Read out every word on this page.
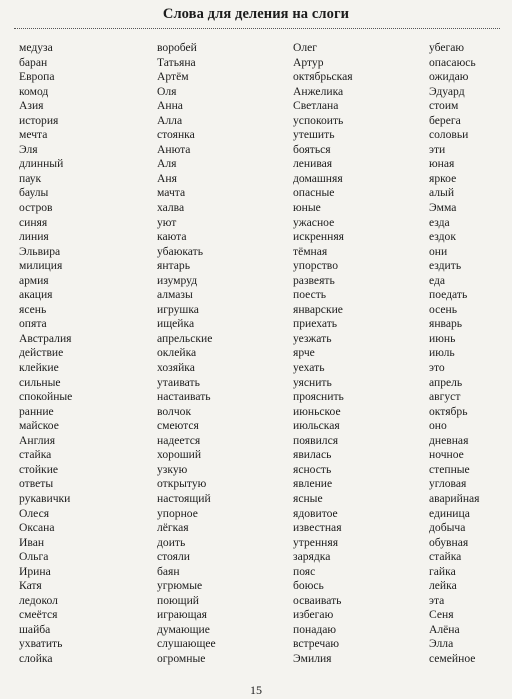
Слова для деления на слоги
медуза
баран
Европа
комод
Азия
история
мечта
Эля
длинный
паук
баулы
остров
синяя
линия
Эльвира
милиция
армия
акация
ясень
опята
Австралия
действие
клейкие
сильные
спокойные
ранние
майское
Англия
стайка
стойкие
ответы
рукавички
Олеся
Оксана
Иван
Ольга
Ирина
Катя
ледокол
смеётся
шайба
ухватить
слойка
воробей
Татьяна
Артём
Оля
Анна
Алла
стоянка
Анюта
Аля
Аня
мачта
халва
уют
каюта
убаюкать
янтарь
изумруд
алмазы
игрушка
ищейка
апрельские
оклейка
хозяйка
утаивать
настаивать
волчок
смеются
надеется
хороший
узкую
открытую
настоящий
упорное
лёгкая
доить
стояли
баян
угрюмые
поющий
играющая
думающие
слушающее
огромные
Олег
Артур
октябрьская
Анжелика
Светлана
успокоить
утешить
бояться
ленивая
домашняя
опасные
юные
ужасное
искренняя
тёмная
упорство
развеять
поесть
январские
приехать
уезжать
ярче
уехать
уяснить
прояснить
июньское
июльская
появился
явилась
ясность
явление
ясные
ядовитое
известная
утренняя
зарядка
пояс
боюсь
осваивать
избегаю
понадаю
встречаю
Эмилия
убегаю
опасаюсь
ожидаю
Эдуард
стоим
берега
соловьи
эти
юная
яркое
алый
Эмма
езда
ездок
они
ездить
еда
поедать
осень
январь
июнь
июль
это
апрель
август
октябрь
оно
дневная
ночное
степные
угловая
аварийная
единица
добыча
обувная
стайка
гайка
лейка
эта
Сеня
Алёна
Элла
семейное
15
